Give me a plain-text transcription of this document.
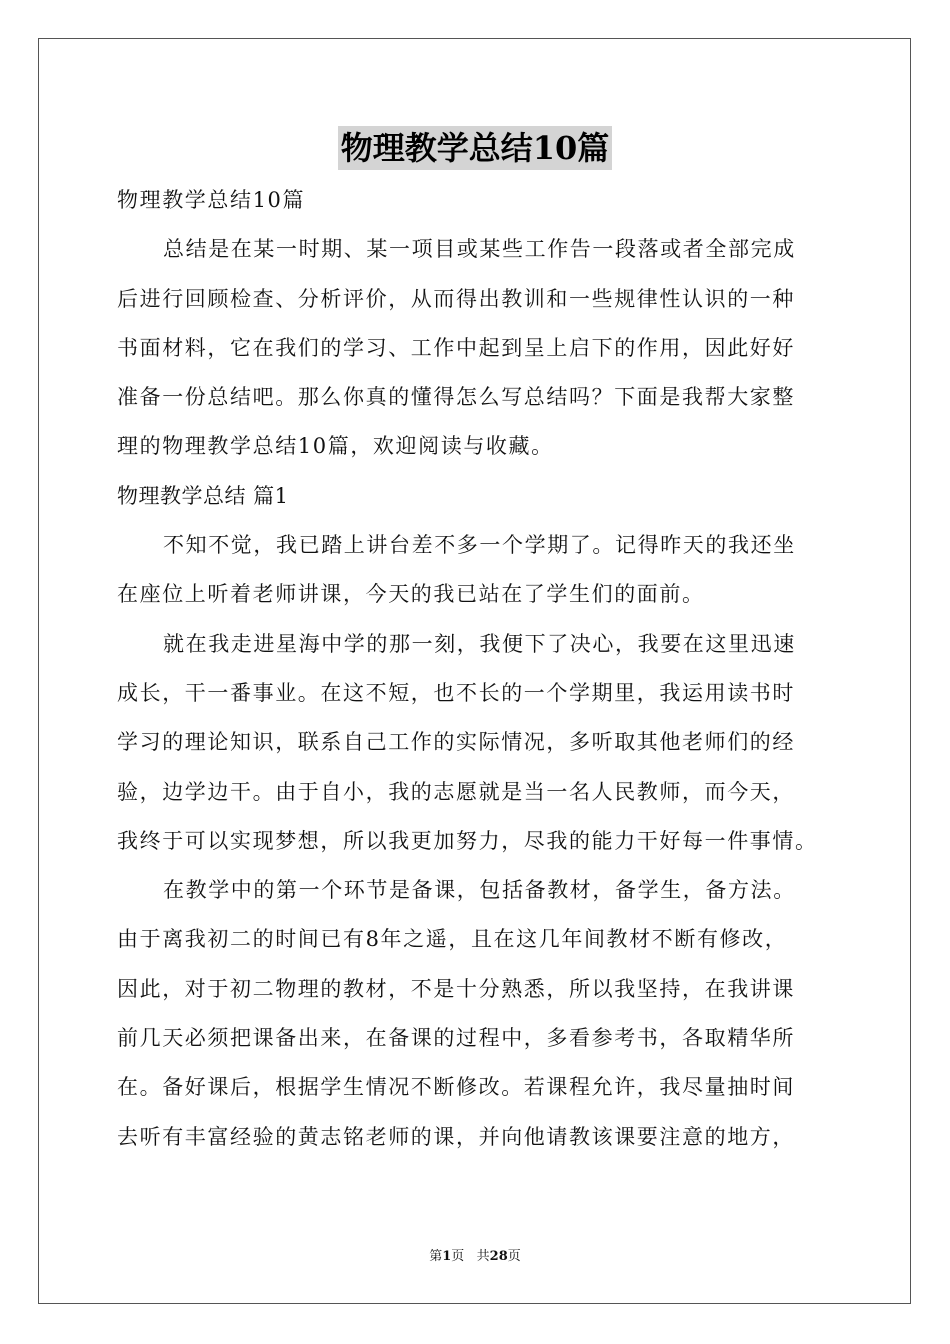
物理教学总结10篇
物理教学总结10篇
总结是在某一时期、某一项目或某些工作告一段落或者全部完成
后进行回顾检查、分析评价，从而得出教训和一些规律性认识的一种
书面材料，它在我们的学习、工作中起到呈上启下的作用，因此好好
准备一份总结吧。那么你真的懂得怎么写总结吗？下面是我帮大家整
理的物理教学总结10篇，欢迎阅读与收藏。
物理教学总结 篇1
不知不觉，我已踏上讲台差不多一个学期了。记得昨天的我还坐
在座位上听着老师讲课，今天的我已站在了学生们的面前。
就在我走进星海中学的那一刻，我便下了决心，我要在这里迅速
成长，干一番事业。在这不短，也不长的一个学期里，我运用读书时
学习的理论知识，联系自己工作的实际情况，多听取其他老师们的经
验，边学边干。由于自小，我的志愿就是当一名人民教师，而今天，
我终于可以实现梦想，所以我更加努力，尽我的能力干好每一件事情。
在教学中的第一个环节是备课，包括备教材，备学生，备方法。
由于离我初二的时间已有8年之遥，且在这几年间教材不断有修改，
因此，对于初二物理的教材，不是十分熟悉，所以我坚持，在我讲课
前几天必须把课备出来，在备课的过程中，多看参考书，各取精华所
在。备好课后，根据学生情况不断修改。若课程允许，我尽量抽时间
去听有丰富经验的黄志铭老师的课，并向他请教该课要注意的地方，
第1页   共28页
